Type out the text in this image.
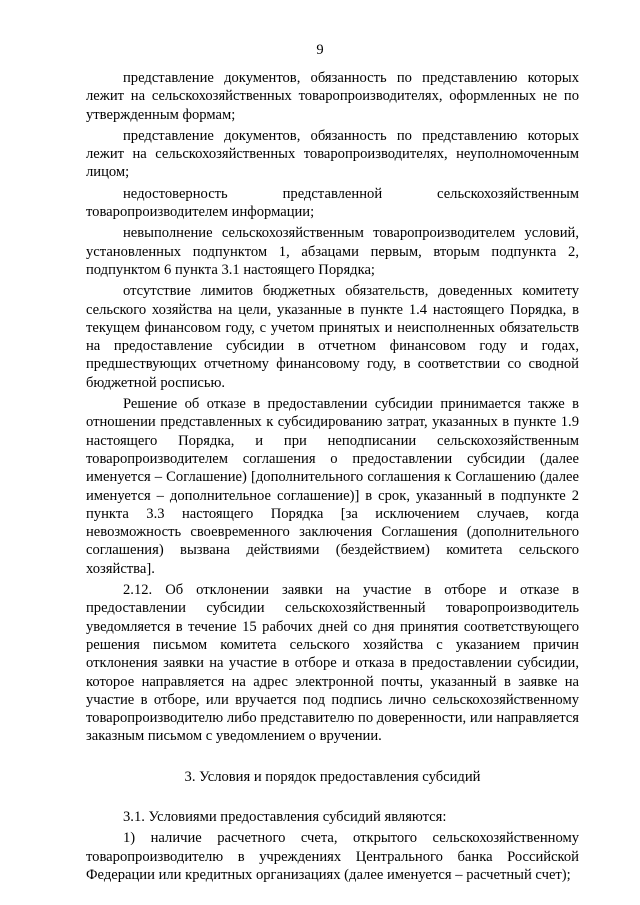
9

представление документов, обязанность по представлению которых лежит на сельскохозяйственных товаропроизводителях, оформленных не по утвержденным формам;

представление документов, обязанность по представлению которых лежит на сельскохозяйственных товаропроизводителях, неуполномоченным лицом;

недостоверность представленной сельскохозяйственным товаропроизводителем информации;

невыполнение сельскохозяйственным товаропроизводителем условий, установленных подпунктом 1, абзацами первым, вторым подпункта 2, подпунктом 6 пункта 3.1 настоящего Порядка;

отсутствие лимитов бюджетных обязательств, доведенных комитету сельского хозяйства на цели, указанные в пункте 1.4 настоящего Порядка, в текущем финансовом году, с учетом принятых и неисполненных обязательств на предоставление субсидии в отчетном финансовом году и годах, предшествующих отчетному финансовому году, в соответствии со сводной бюджетной росписью.

Решение об отказе в предоставлении субсидии принимается также в отношении представленных к субсидированию затрат, указанных в пункте 1.9 настоящего Порядка, и при неподписании сельскохозяйственным товаропроизводителем соглашения о предоставлении субсидии (далее именуется – Соглашение) [дополнительного соглашения к Соглашению (далее именуется – дополнительное соглашение)] в срок, указанный в подпункте 2 пункта 3.3 настоящего Порядка [за исключением случаев, когда невозможность своевременного заключения Соглашения (дополнительного соглашения) вызвана действиями (бездействием) комитета сельского хозяйства].

2.12. Об отклонении заявки на участие в отборе и отказе в предоставлении субсидии сельскохозяйственный товаропроизводитель уведомляется в течение 15 рабочих дней со дня принятия соответствующего решения письмом комитета сельского хозяйства с указанием причин отклонения заявки на участие в отборе и отказа в предоставлении субсидии, которое направляется на адрес электронной почты, указанный в заявке на участие в отборе, или вручается под подпись лично сельскохозяйственному товаропроизводителю либо представителю по доверенности, или направляется заказным письмом с уведомлением о вручении.

3. Условия и порядок предоставления субсидий

3.1. Условиями предоставления субсидий являются:

1) наличие расчетного счета, открытого сельскохозяйственному товаропроизводителю в учреждениях Центрального банка Российской Федерации или кредитных организациях (далее именуется – расчетный счет);
